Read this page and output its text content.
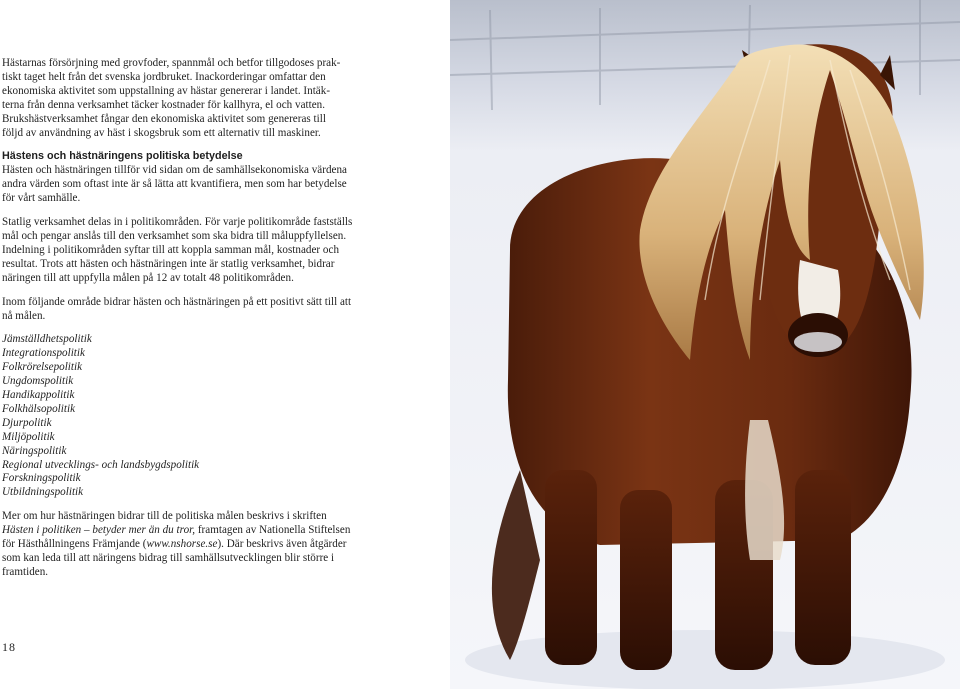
Hästarnas försörjning med grovfoder, spannmål och betfor tillgodoses prak-
tiskt taget helt från det svenska jordbruket. Inackorderingar omfattar den
ekonomiska aktivitet som uppstallning av hästar genererar i landet. Intäk-
terna från denna verksamhet täcker kostnader för kallhyra, el och vatten.
Brukshästverksamhet fångar den ekonomiska aktivitet som genereras till
följd av användning av häst i skogsbruk som ett alternativ till maskiner.

Hästens och hästnäringens politiska betydelse
Hästen och hästnäringen tillför vid sidan om de samhällsekonomiska värdena
andra värden som oftast inte är så lätta att kvantifiera, men som har betydelse
för vårt samhälle.

Statlig verksamhet delas in i politikområden. För varje politikområde fastställs
mål och pengar anslås till den verksamhet som ska bidra till måluppfyllelsen.
Indelning i politikområden syftar till att koppla samman mål, kostnader och
resultat. Trots att hästen och hästnäringen inte är statlig verksamhet, bidrar
näringen till att uppfylla målen på 12 av totalt 48 politikområden.

Inom följande område bidrar hästen och hästnäringen på ett positivt sätt till att
nå målen.

Jämställdhetspolitik
Integrationspolitik
Folkrörelsepolitik
Ungdomspolitik
Handikappolitik
Folkhälsopolitik
Djurpolitik
Miljöpolitik
Näringspolitik
Regional utvecklings- och landsbygdspolitik
Forskningspolitik
Utbildningspolitik

Mer om hur hästnäringen bidrar till de politiska målen beskrivs i skriften
Hästen i politiken – betyder mer än du tror, framtagen av Nationella Stiftelsen
för Hästhållningens Främjande (www.nshorse.se). Där beskrivs även åtgärder
som kan leda till att näringens bidrag till samhällsutvecklingen blir större i
framtiden.

18
